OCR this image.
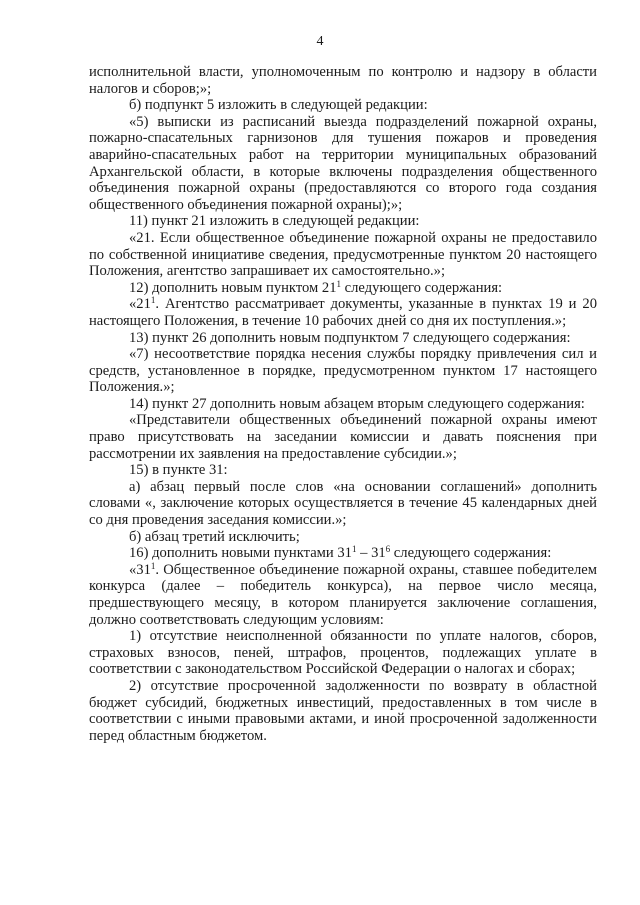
4

исполнительной власти, уполномоченным по контролю и надзору в области налогов и сборов;»;

б) подпункт 5 изложить в следующей редакции:

«5) выписки из расписаний выезда подразделений пожарной охраны, пожарно-спасательных гарнизонов для тушения пожаров и проведения аварийно-спасательных работ на территории муниципальных образований Архангельской области, в которые включены подразделения общественного объединения пожарной охраны (предоставляются со второго года создания общественного объединения пожарной охраны);»;

11) пункт 21 изложить в следующей редакции:

«21. Если общественное объединение пожарной охраны не предоставило по собственной инициативе сведения, предусмотренные пунктом 20 настоящего Положения, агентство запрашивает их самостоятельно.»;

12) дополнить новым пунктом $21^1$ следующего содержания:

«$21^1$. Агентство рассматривает документы, указанные в пунктах 19 и 20 настоящего Положения, в течение 10 рабочих дней со дня их поступления.»;

13) пункт 26 дополнить новым подпунктом 7 следующего содержания:

«7) несоответствие порядка несения службы порядку привлечения сил и средств, установленное в порядке, предусмотренном пунктом 17 настоящего Положения.»;

14) пункт 27 дополнить новым абзацем вторым следующего содержания:

«Представители общественных объединений пожарной охраны имеют право присутствовать на заседании комиссии и давать пояснения при рассмотрении их заявления на предоставление субсидии.»;

15) в пункте 31:

а) абзац первый после слов «на основании соглашений» дополнить словами «, заключение которых осуществляется в течение 45 календарных дней со дня проведения заседания комиссии.»;

б) абзац третий исключить;

16) дополнить новыми пунктами $31^1 - 31^6$ следующего содержания:

«$31^1$. Общественное объединение пожарной охраны, ставшее победителем конкурса (далее – победитель конкурса), на первое число месяца, предшествующего месяцу, в котором планируется заключение соглашения, должно соответствовать следующим условиям:

1) отсутствие неисполненной обязанности по уплате налогов, сборов, страховых взносов, пеней, штрафов, процентов, подлежащих уплате в соответствии с законодательством Российской Федерации о налогах и сборах;

2) отсутствие просроченной задолженности по возврату в областной бюджет субсидий, бюджетных инвестиций, предоставленных в том числе в соответствии с иными правовыми актами, и иной просроченной задолженности перед областным бюджетом.
